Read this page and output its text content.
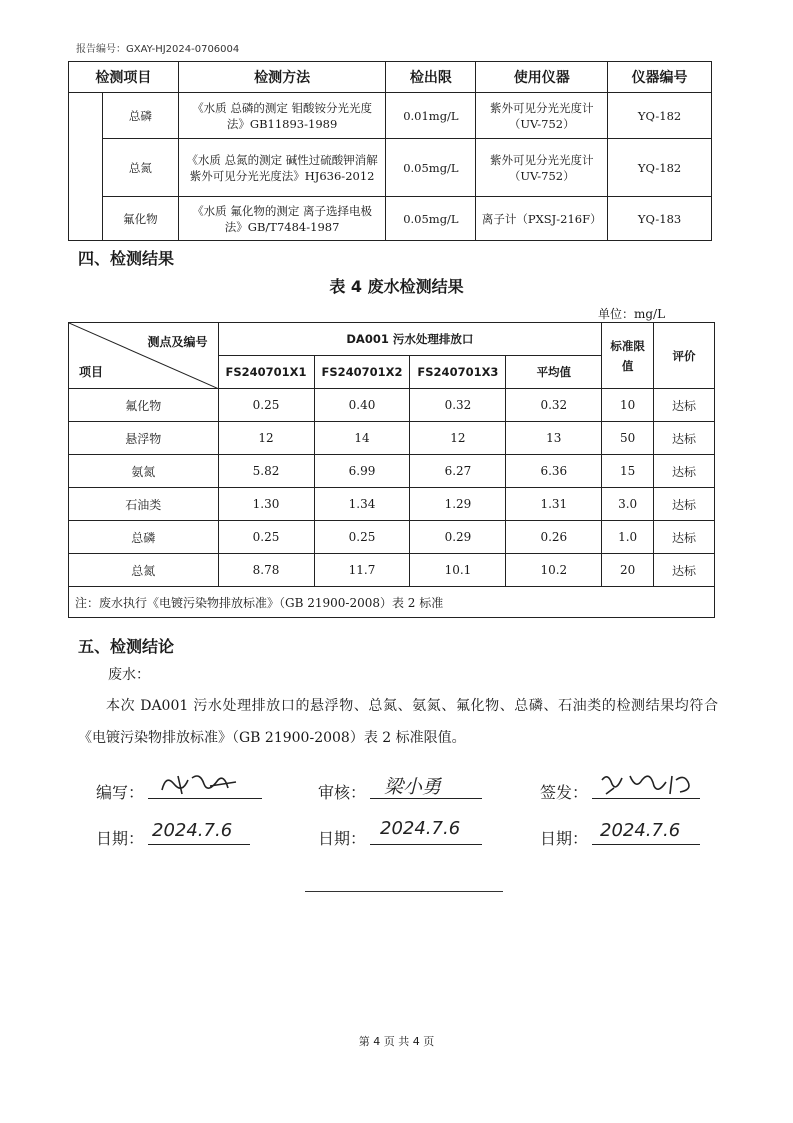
报告编号：GXAY-HJ2024-0706004
检测项目		检测方法	检出限	使用仪器	仪器编号
	总磷	《水质 总磷的测定 钼酸铵分光光度法》GB11893-1989	0.01mg/L	紫外可见分光光度计（UV-752）	YQ-182
	总氮	《水质 总氮的测定 碱性过硫酸钾消解紫外可见分光光度法》HJ636-2012	0.05mg/L	紫外可见分光光度计（UV-752）	YQ-182
	氟化物	《水质 氟化物的测定 离子选择电极法》GB/T7484-1987	0.05mg/L	离子计（PXSJ-216F）	YQ-183
四、检测结果
表 4 废水检测结果
单位：mg/L
测点及编号
项目	DA001 污水处理排放口				标准限值	评价
	FS240701X1	FS240701X2	FS240701X3	平均值		
氟化物	0.25	0.40	0.32	0.32	10	达标
悬浮物	12	14	12	13	50	达标
氨氮	5.82	6.99	6.27	6.36	15	达标
石油类	1.30	1.34	1.29	1.31	3.0	达标
总磷	0.25	0.25	0.29	0.26	1.0	达标
总氮	8.78	11.7	10.1	10.2	20	达标
注：废水执行《电镀污染物排放标准》（GB 21900-2008）表 2 标准						
五、检测结论
废水：
本次 DA001 污水处理排放口的悬浮物、总氮、氨氮、氟化物、总磷、石油类的检测结果均符合《电镀污染物排放标准》（GB 21900-2008）表 2 标准限值。
编写：	审核： 梁小勇	签发：
日期： 2024.7.6	日期： 2024.7.6	日期： 2024.7.6
第 4 页 共 4 页
